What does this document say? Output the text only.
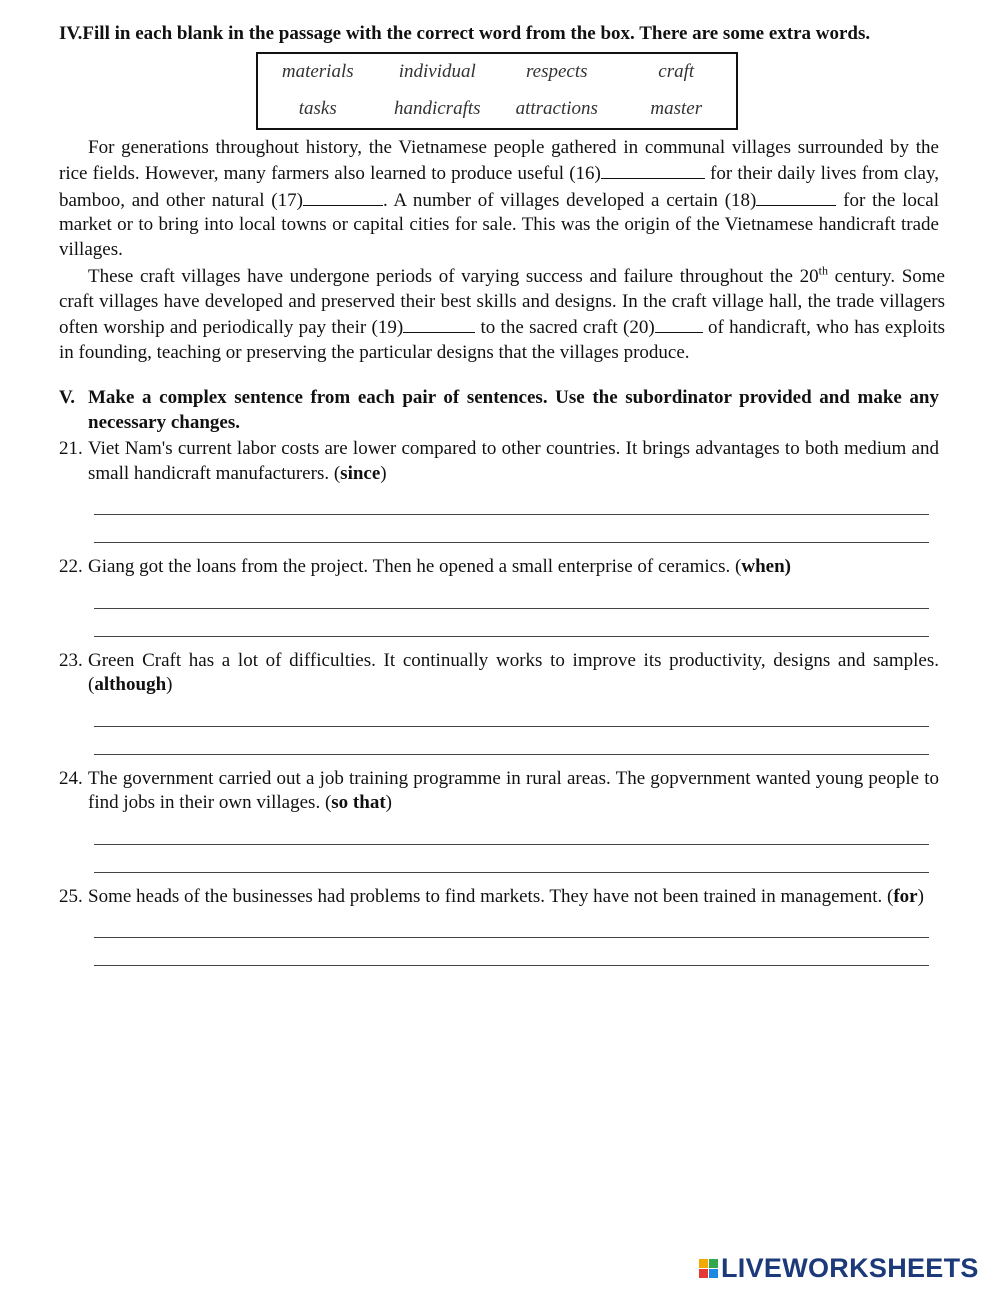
IV.Fill in each blank in the passage with the correct word from the box. There are some extra words.

materials	individual	respects	craft
tasks	handicrafts	attractions	master

For generations throughout history, the Vietnamese people gathered in communal villages surrounded by the rice fields. However, many farmers also learned to produce useful (16)	for their daily lives from clay, bamboo, and other natural (17)	. A number of villages developed a certain (18)	for the local market or to bring into local towns or capital cities for sale. This was the origin of the Vietnamese handicraft trade villages.

These craft villages have undergone periods of varying success and failure throughout the 20th century. Some craft villages have developed and preserved their best skills and designs. In the craft village hall, the trade villagers often worship and periodically pay their (19)	to the sacred craft (20)	of handicraft, who has exploits in founding, teaching or preserving the particular designs that the villages produce.

V. Make a complex sentence from each pair of sentences. Use the subordinator provided and make any necessary changes.
21. Viet Nam's current labor costs are lower compared to other countries. It brings advantages to both medium and small handicraft manufacturers. (since)
22. Giang got the loans from the project. Then he opened a small enterprise of ceramics. (when)
23. Green Craft has a lot of difficulties. It continually works to improve its productivity, designs and samples. (although)
24. The government carried out a job training programme in rural areas. The gopvernment wanted young people to find jobs in their own villages. (so that)
25. Some heads of the businesses had problems to find markets. They have not been trained in management. (for)
LIVEWORKSHEETS
